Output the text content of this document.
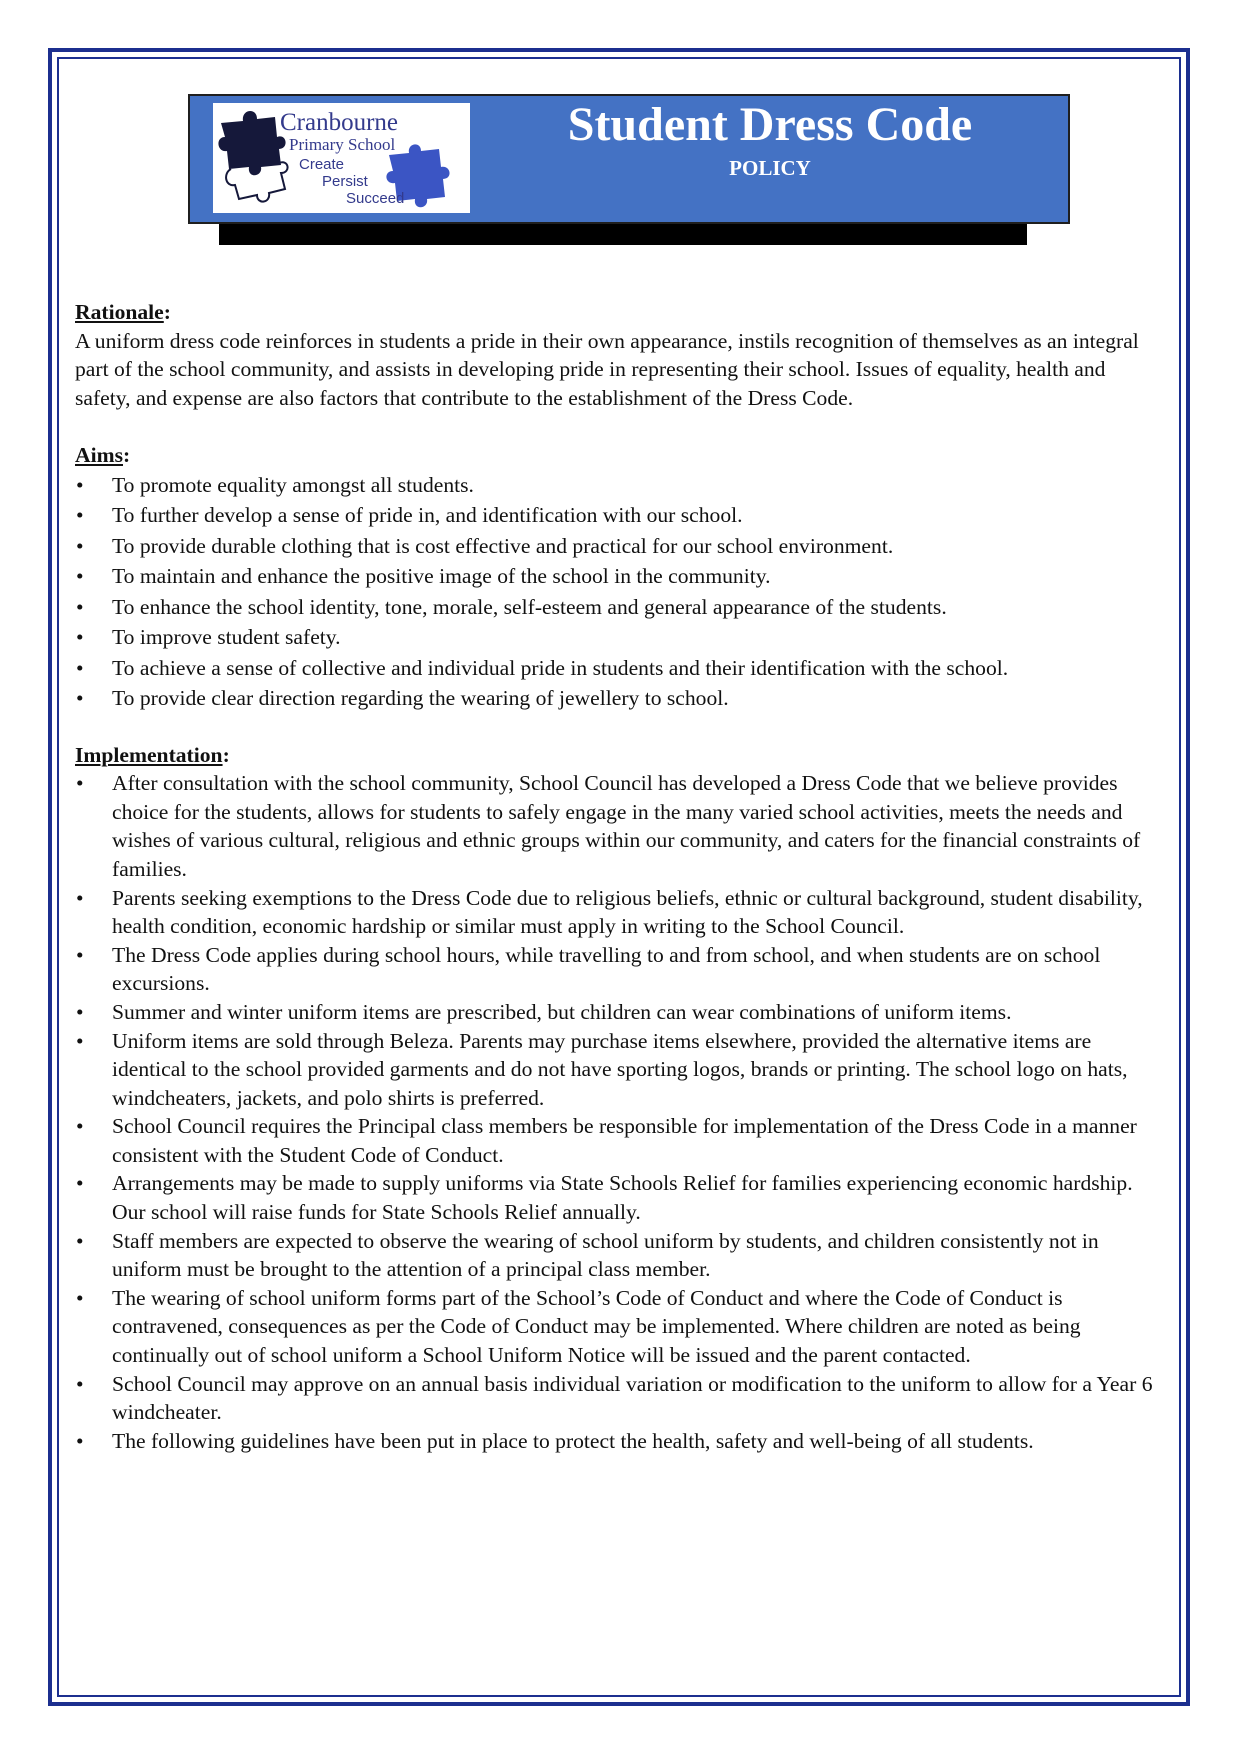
Cranbourne
Primary School
Create
Persist
Succeed
Student Dress Code
POLICY

Rationale:

A uniform dress code reinforces in students a pride in their own appearance, instils recognition of themselves as an integral part of the school community, and assists in developing pride in representing their school. Issues of equality, health and safety, and expense are also factors that contribute to the establishment of the Dress Code.

Aims:

• To promote equality amongst all students.
• To further develop a sense of pride in, and identification with our school.
• To provide durable clothing that is cost effective and practical for our school environment.
• To maintain and enhance the positive image of the school in the community.
• To enhance the school identity, tone, morale, self-esteem and general appearance of the students.
• To improve student safety.
• To achieve a sense of collective and individual pride in students and their identification with the school.
• To provide clear direction regarding the wearing of jewellery to school.

Implementation:

• After consultation with the school community, School Council has developed a Dress Code that we believe provides choice for the students, allows for students to safely engage in the many varied school activities, meets the needs and wishes of various cultural, religious and ethnic groups within our community, and caters for the financial constraints of families.
• Parents seeking exemptions to the Dress Code due to religious beliefs, ethnic or cultural background, student disability, health condition, economic hardship or similar must apply in writing to the School Council.
• The Dress Code applies during school hours, while travelling to and from school, and when students are on school excursions.
• Summer and winter uniform items are prescribed, but children can wear combinations of uniform items.
• Uniform items are sold through Beleza. Parents may purchase items elsewhere, provided the alternative items are identical to the school provided garments and do not have sporting logos, brands or printing. The school logo on hats, windcheaters, jackets, and polo shirts is preferred.
• School Council requires the Principal class members be responsible for implementation of the Dress Code in a manner consistent with the Student Code of Conduct.
• Arrangements may be made to supply uniforms via State Schools Relief for families experiencing economic hardship. Our school will raise funds for State Schools Relief annually.
• Staff members are expected to observe the wearing of school uniform by students, and children consistently not in uniform must be brought to the attention of a principal class member.
• The wearing of school uniform forms part of the School’s Code of Conduct and where the Code of Conduct is contravened, consequences as per the Code of Conduct may be implemented. Where children are noted as being continually out of school uniform a School Uniform Notice will be issued and the parent contacted.
• School Council may approve on an annual basis individual variation or modification to the uniform to allow for a Year 6 windcheater.
• The following guidelines have been put in place to protect the health, safety and well-being of all students.
